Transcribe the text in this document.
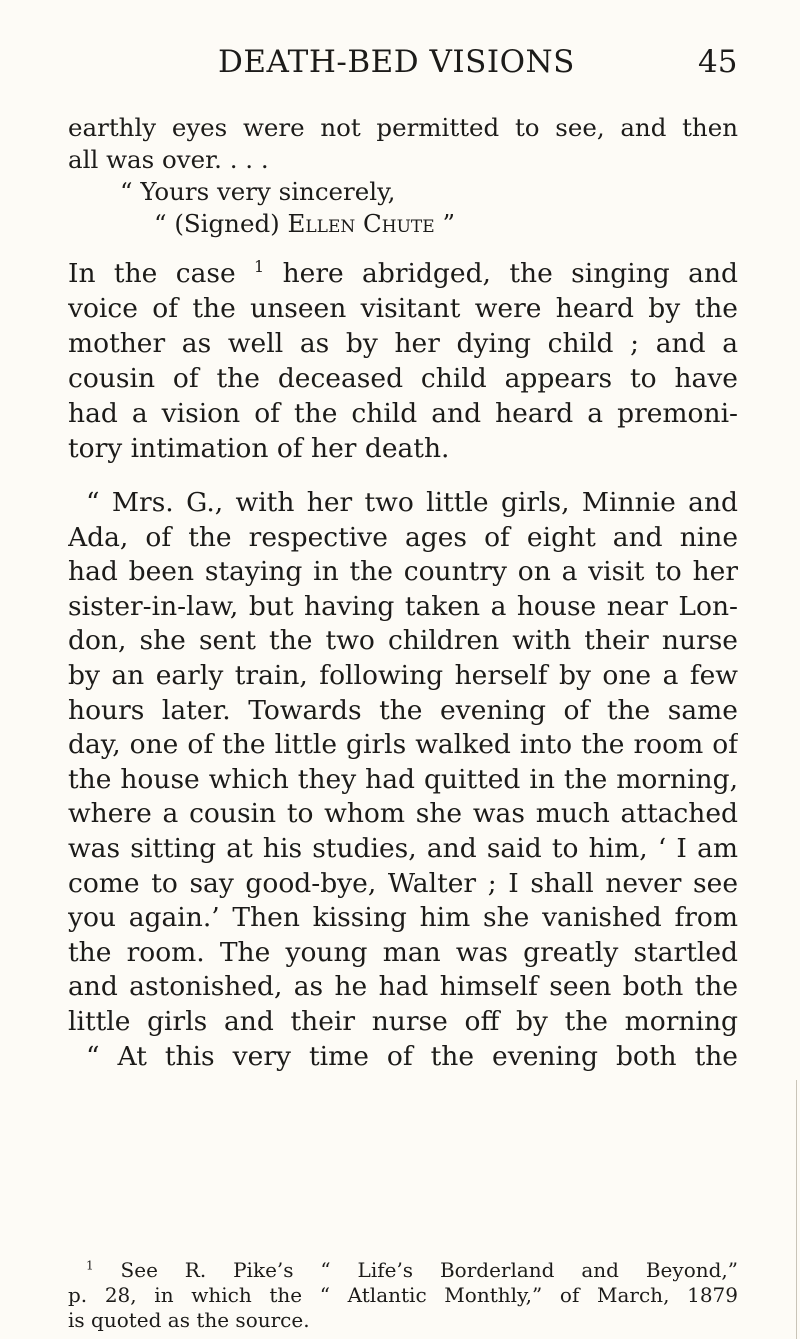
DEATH-BED VISIONS	45
earthly eyes were not permitted to see, and then
all was over. . . .
“ Yours very sincerely,
“ (Signed) Ellen Chute ”
In the case $^1$ here abridged, the singing and
voice of the unseen visitant were heard by the
mother as well as by her dying child ; and a
cousin of the deceased child appears to have
had a vision of the child and heard a premoni-
tory intimation of her death.
“ Mrs. G., with her two little girls, Minnie and
Ada, of the respective ages of eight and nine
had been staying in the country on a visit to her
sister-in-law, but having taken a house near Lon-
don, she sent the two children with their nurse
by an early train, following herself by one a few
hours later. Towards the evening of the same
day, one of the little girls walked into the room of
the house which they had quitted in the morning,
where a cousin to whom she was much attached
was sitting at his studies, and said to him, ‘ I am
come to say good-bye, Walter ; I shall never see
you again.’ Then kissing him she vanished from
the room. The young man was greatly startled
and astonished, as he had himself seen both the
little girls and their nurse off by the morning
“ At this very time of the evening both the
$^1$ See R. Pike’s “ Life’s Borderland and Beyond,”
p. 28, in which the “ Atlantic Monthly,” of March, 1879
is quoted as the source.
